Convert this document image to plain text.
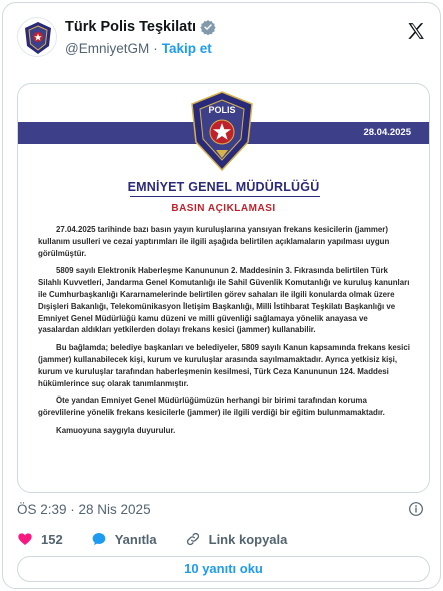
Türk Polis Teşkilatı
@EmniyetGM · Takip et
28.04.2025
POLIS
EMNİYET GENEL MÜDÜRLÜĞÜ
BASIN AÇIKLAMASI

27.04.2025 tarihinde bazı basın yayın kuruluşlarına yansıyan frekans kesicilerin (jammer) kullanım usulleri ve cezai yaptırımları ile ilgili aşağıda belirtilen açıklamaların yapılması uygun görülmüştür.

5809 sayılı Elektronik Haberleşme Kanununun 2. Maddesinin 3. Fıkrasında belirtilen Türk Silahlı Kuvvetleri, Jandarma Genel Komutanlığı ile Sahil Güvenlik Komutanlığı ve kuruluş kanunları ile Cumhurbaşkanlığı Kararnamelerinde belirtilen görev sahaları ile ilgili konularda olmak üzere Dışişleri Bakanlığı, Telekomünikasyon İletişim Başkanlığı, Milli İstihbarat Teşkilatı Başkanlığı ve Emniyet Genel Müdürlüğü kamu düzeni ve milli güvenliği sağlamaya yönelik anayasa ve yasalardan aldıkları yetkilerden dolayı frekans kesici (jammer) kullanabilir.

Bu bağlamda; belediye başkanları ve belediyeler, 5809 sayılı Kanun kapsamında frekans kesici (jammer) kullanabilecek kişi, kurum ve kuruluşlar arasında sayılmamaktadır. Ayrıca yetkisiz kişi, kurum ve kuruluşlar tarafından haberleşmenin kesilmesi, Türk Ceza Kanununun 124. Maddesi hükümlerince suç olarak tanımlanmıştır.

Öte yandan Emniyet Genel Müdürlüğümüzün herhangi bir birimi tarafından koruma görevlilerine yönelik frekans kesicilerle (jammer) ile ilgili verdiği bir eğitim bulunmamaktadır.

Kamuoyuna saygıyla duyurulur.

ÖS 2:39 · 28 Nis 2025
152	Yanıtla	Link kopyala
10 yanıtı oku
